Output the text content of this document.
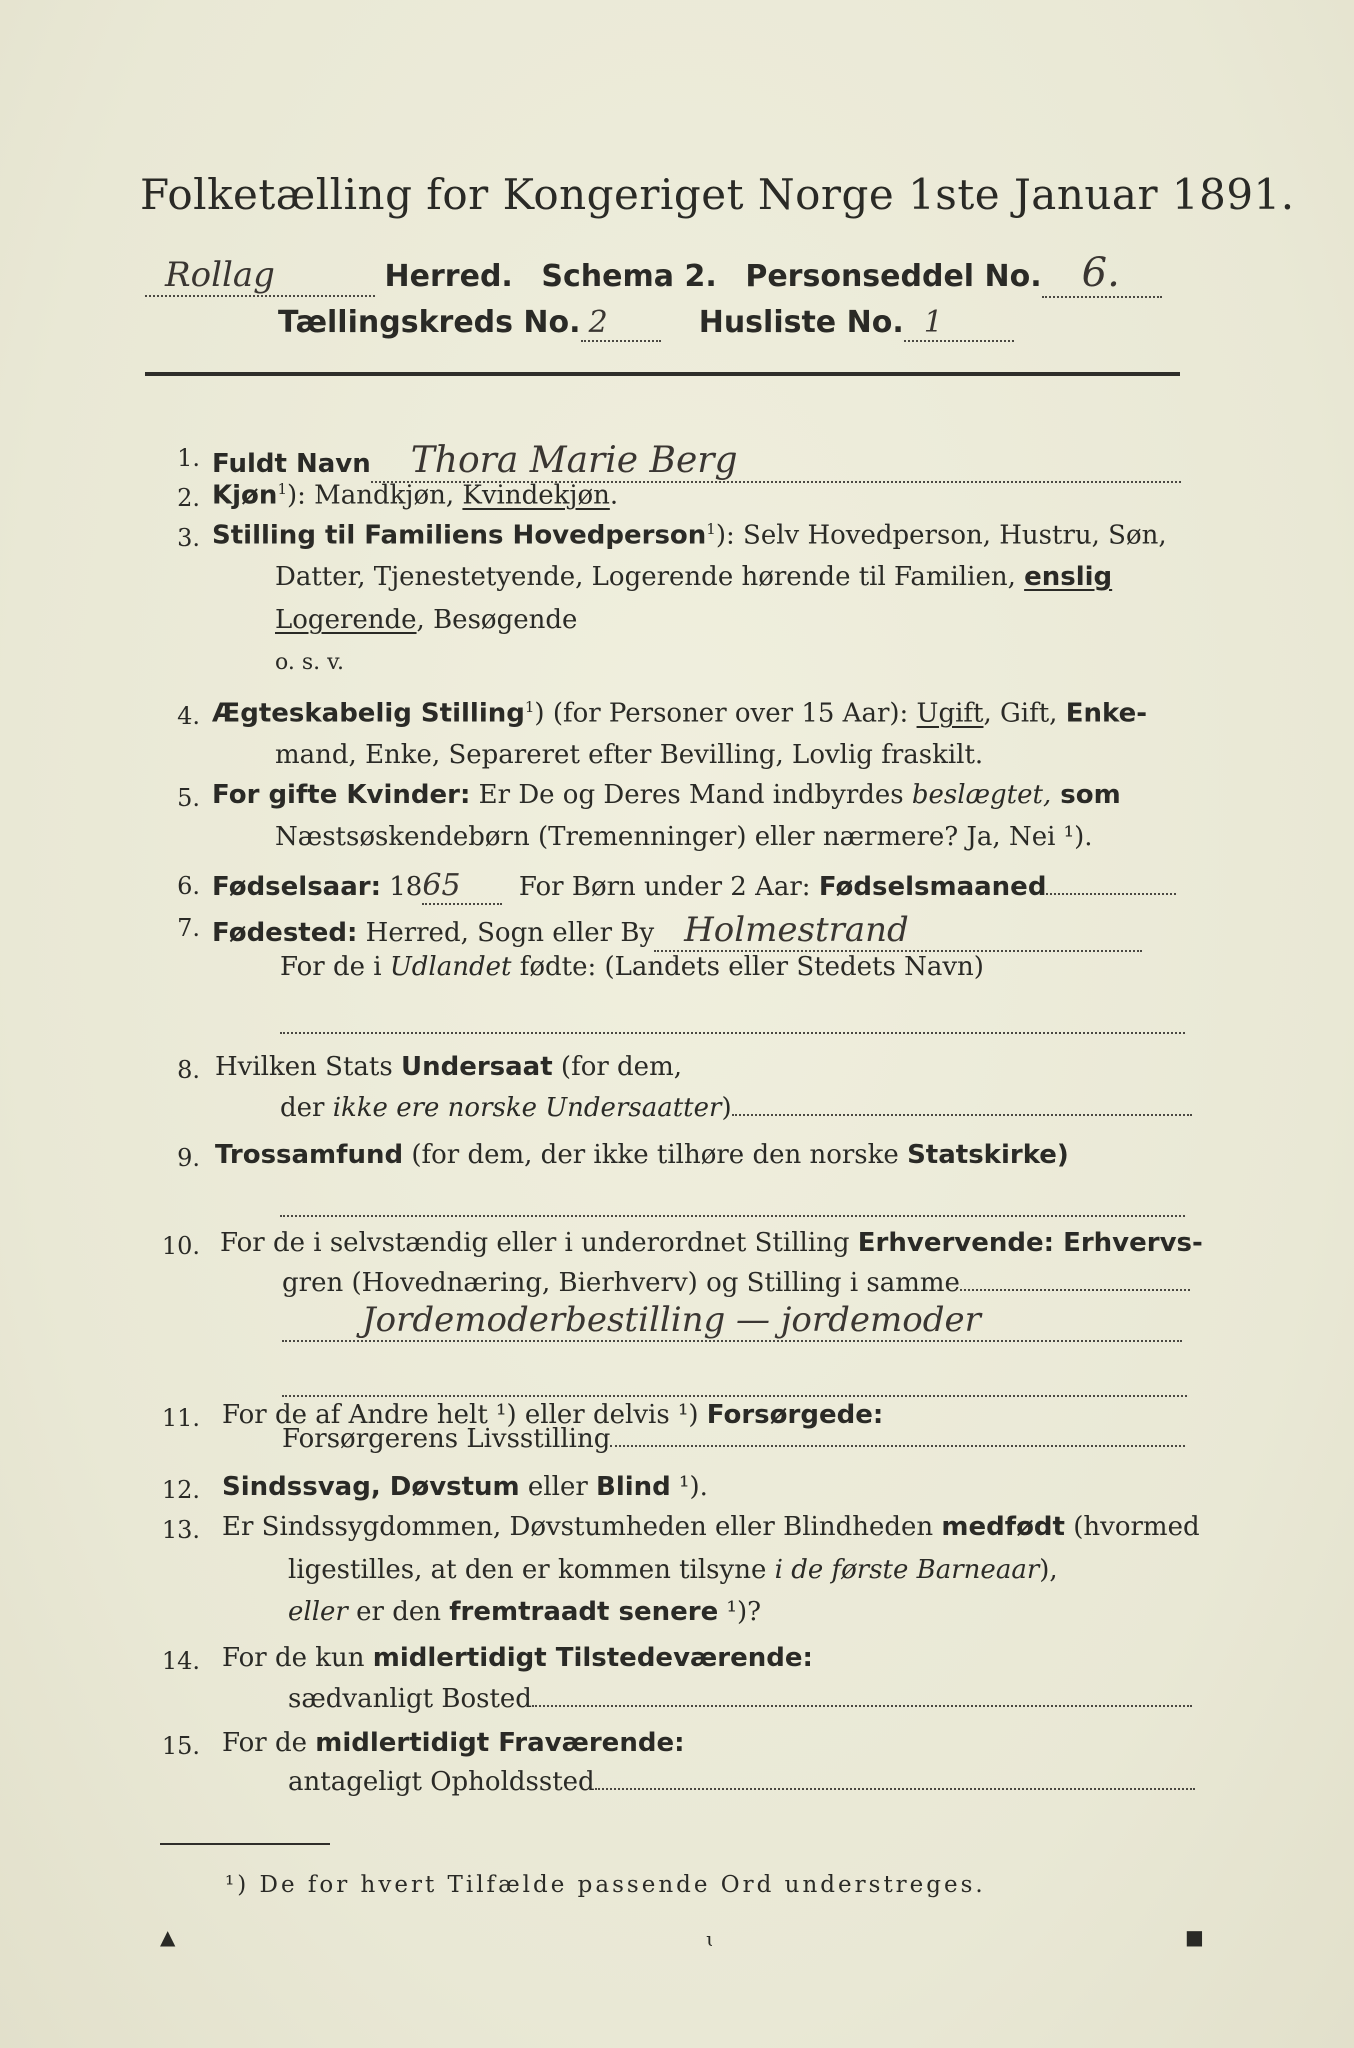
Folketælling for Kongeriget Norge 1ste Januar 1891.
Rollag	Herred. Schema 2. Personseddel No. 6.
Tællingskreds No. 2	Husliste No. 1
1. Fuldt Navn Thora Marie Berg
2. Kjøn$^1$): Mandkjøn, Kvindekjøn.
3. Stilling til Familiens Hovedperson$^1$): Selv Hovedperson, Hustru, Søn,
Datter, Tjenestetyende, Logerende hørende til Familien, enslig
Logerende, Besøgende
o. s. v.
4. Ægteskabelig Stilling$^1$) (for Personer over 15 Aar): Ugift, Gift, Enke-
mand, Enke, Separeret efter Bevilling, Lovlig fraskilt.
5. For gifte Kvinder: Er De og Deres Mand indbyrdes beslægtet, som
Næstsøskendebørn (Tremenninger) eller nærmere? Ja, Nei ¹).
6. Fødselsaar: 1865 For Børn under 2 Aar: Fødselsmaaned
7. Fødested: Herred, Sogn eller By Holmestrand
For de i Udlandet fødte: (Landets eller Stedets Navn)
8. Hvilken Stats Undersaat (for dem,
der ikke ere norske Undersaatter)
9. Trossamfund (for dem, der ikke tilhøre den norske Statskirke)
10. For de i selvstændig eller i underordnet Stilling Erhvervende: Erhvervs-
gren (Hovednæring, Bierhverv) og Stilling i samme
Jordemoderbestilling — jordemoder
11. For de af Andre helt ¹) eller delvis ¹) Forsørgede:
Forsørgerens Livsstilling
12. Sindssvag, Døvstum eller Blind ¹).
13. Er Sindssygdommen, Døvstumheden eller Blindheden medfødt (hvormed
ligestilles, at den er kommen tilsyne i de første Barneaar),
eller er den fremtraadt senere ¹)?
14. For de kun midlertidigt Tilstedeværende:
sædvanligt Bosted
15. For de midlertidigt Fraværende:
antageligt Opholdssted
¹) De for hvert Tilfælde passende Ord understreges.
▲	ɩ	■
